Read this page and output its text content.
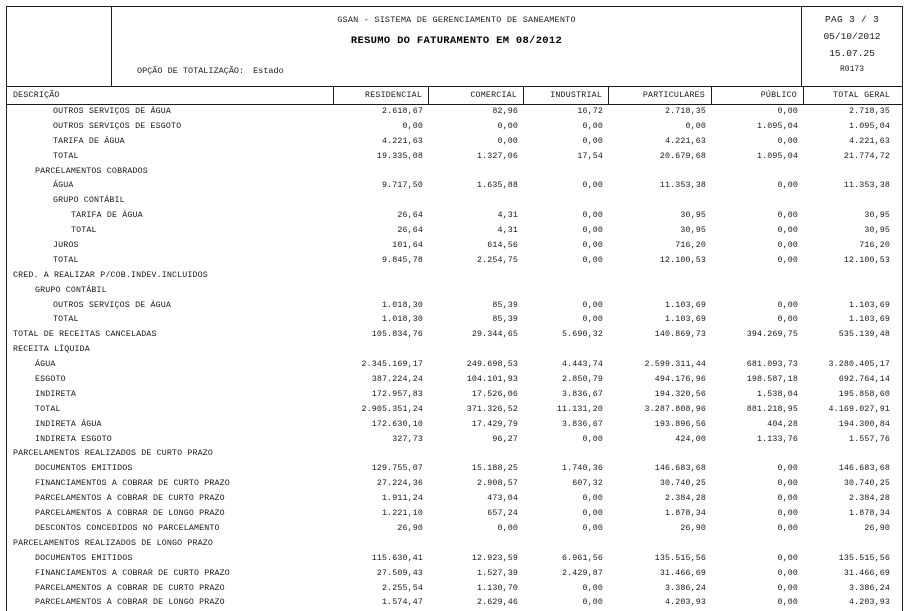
GSAN - SISTEMA DE GERENCIAMENTO DE SANEAMENTO
RESUMO DO FATURAMENTO EM 08/2012
OPÇÃO DE TOTALIZAÇÃO: Estado
PAG 3 / 3
05/10/2012
15.07.25
R0173
DESCRIÇÃO	RESIDENCIAL	COMERCIAL	INDUSTRIAL	PARTICULARES	PÚBLICO	TOTAL GERAL
OUTROS SERVIÇOS DE ÁGUA	2.618,67	82,96	16,72	2.718,35	0,00	2.718,35
OUTROS SERVIÇOS DE ESGOTO	0,00	0,00	0,00	0,00	1.095,04	1.095,04
TARIFA DE ÁGUA	4.221,63	0,00	0,00	4.221,63	0,00	4.221,63
TOTAL	19.335,08	1.327,06	17,54	20.679,68	1.095,04	21.774,72
PARCELAMENTOS COBRADOS
ÁGUA	9.717,50	1.635,88	0,00	11.353,38	0,00	11.353,38
GRUPO CONTÁBIL
TARIFA DE ÁGUA	26,64	4,31	0,00	30,95	0,00	30,95
TOTAL	26,64	4,31	0,00	30,95	0,00	30,95
JUROS	101,64	614,56	0,00	716,20	0,00	716,20
TOTAL	9.845,78	2.254,75	0,00	12.100,53	0,00	12.100,53
CRED. A REALIZAR P/COB.INDEV.INCLUIDOS
GRUPO CONTÁBIL
OUTROS SERVIÇOS DE ÁGUA	1.018,30	85,39	0,00	1.103,69	0,00	1.103,69
TOTAL	1.018,30	85,39	0,00	1.103,69	0,00	1.103,69
TOTAL DE RECEITAS CANCELADAS	105.834,76	29.344,65	5.690,32	140.869,73	394.269,75	535.139,48
RECEITA LÍQUIDA
ÁGUA	2.345.169,17	249.698,53	4.443,74	2.599.311,44	681.093,73	3.280.405,17
ESGOTO	387.224,24	104.101,93	2.850,79	494.176,96	198.587,18	692.764,14
INDIRETA	172.957,83	17.526,06	3.836,67	194.320,56	1.538,04	195.858,60
TOTAL	2.905.351,24	371.326,52	11.131,20	3.287.808,96	881.218,95	4.169.027,91
INDIRETA ÁGUA	172.630,10	17.429,79	3.836,67	193.896,56	404,28	194.300,84
INDIRETA ESGOTO	327,73	96,27	0,00	424,00	1.133,76	1.557,76
PARCELAMENTOS REALIZADOS DE CURTO PRAZO
DOCUMENTOS EMITIDOS	129.755,07	15.188,25	1.740,36	146.683,68	0,00	146.683,68
FINANCIAMENTOS A COBRAR DE CURTO PRAZO	27.224,36	2.908,57	607,32	30.740,25	0,00	30.740,25
PARCELAMENTOS A COBRAR DE CURTO PRAZO	1.911,24	473,04	0,00	2.384,28	0,00	2.384,28
PARCELAMENTOS A COBRAR DE LONGO PRAZO	1.221,10	657,24	0,00	1.878,34	0,00	1.878,34
DESCONTOS CONCEDIDOS NO PARCELAMENTO	26,90	0,00	0,00	26,90	0,00	26,90
PARCELAMENTOS REALIZADOS DE LONGO PRAZO
DOCUMENTOS EMITIDOS	115.630,41	12.923,59	6.961,56	135.515,56	0,00	135.515,56
FINANCIAMENTOS A COBRAR DE CURTO PRAZO	27.509,43	1.527,39	2.429,87	31.466,69	0,00	31.466,69
PARCELAMENTOS A COBRAR DE CURTO PRAZO	2.255,54	1.130,70	0,00	3.386,24	0,00	3.386,24
PARCELAMENTOS A COBRAR DE LONGO PRAZO	1.574,47	2.629,46	0,00	4.203,93	0,00	4.203,93
